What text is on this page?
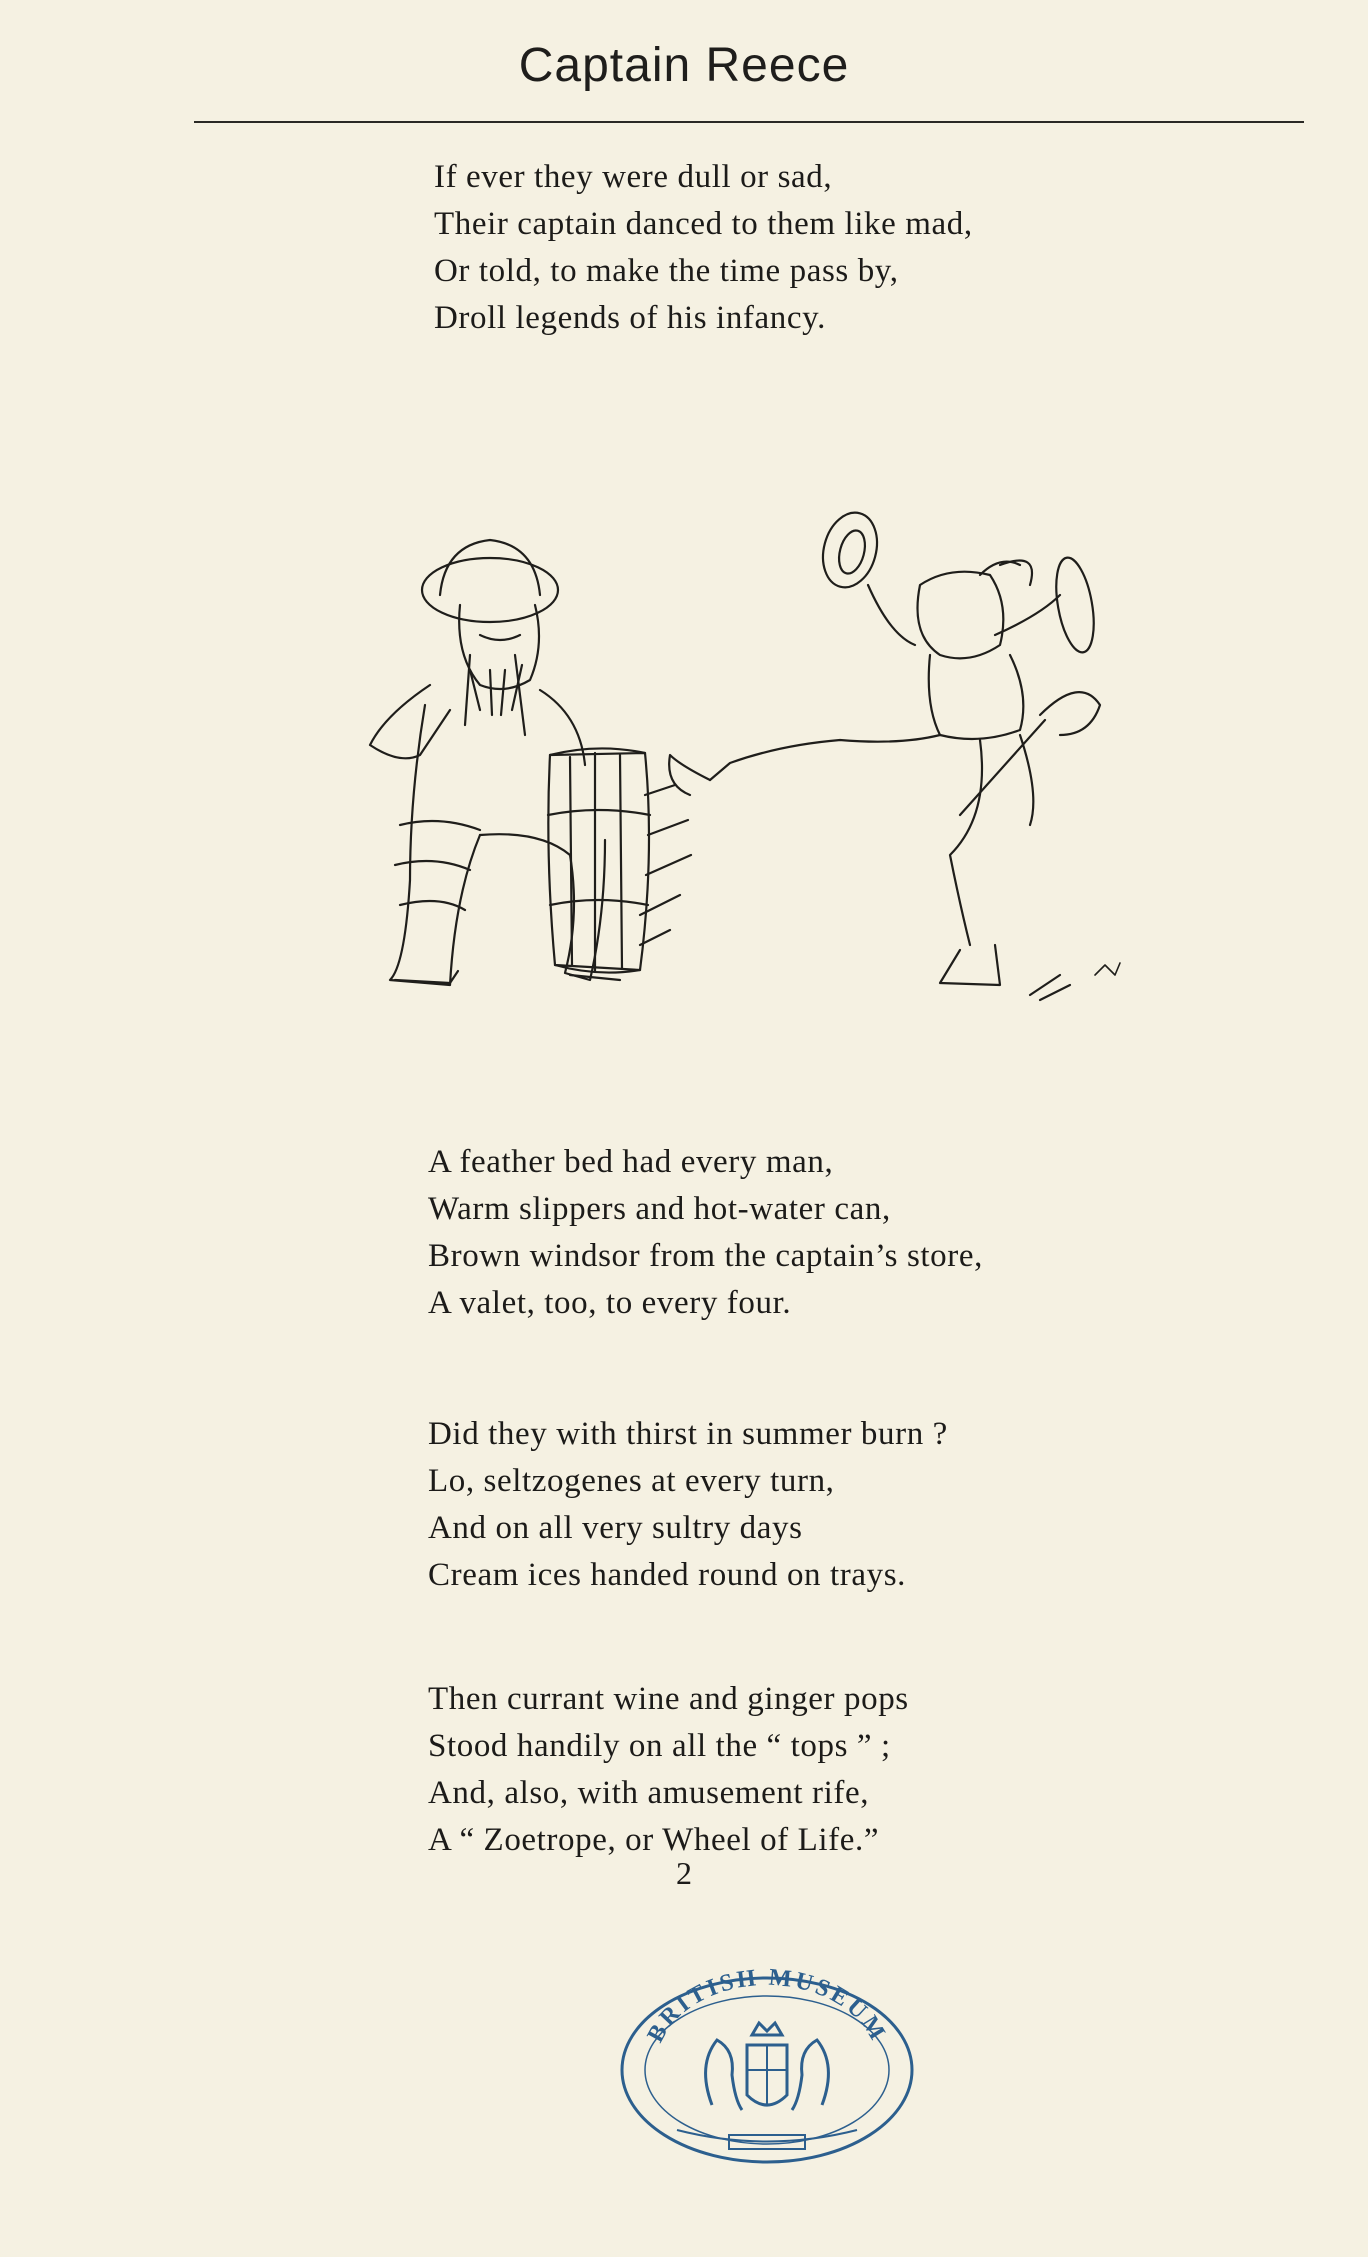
Captain Reece
If ever they were dull or sad,
Their captain danced to them like mad,
Or told, to make the time pass by,
Droll legends of his infancy.
A feather bed had every man,
Warm slippers and hot-water can,
Brown windsor from the captain’s store,
A valet, too, to every four.
Did they with thirst in summer burn ?
Lo, seltzogenes at every turn,
And on all very sultry days
Cream ices handed round on trays.
Then currant wine and ginger pops
Stood handily on all the “ tops ” ;
And, also, with amusement rife,
A “ Zoetrope, or Wheel of Life.”
2
BRITISH MUSEUM
